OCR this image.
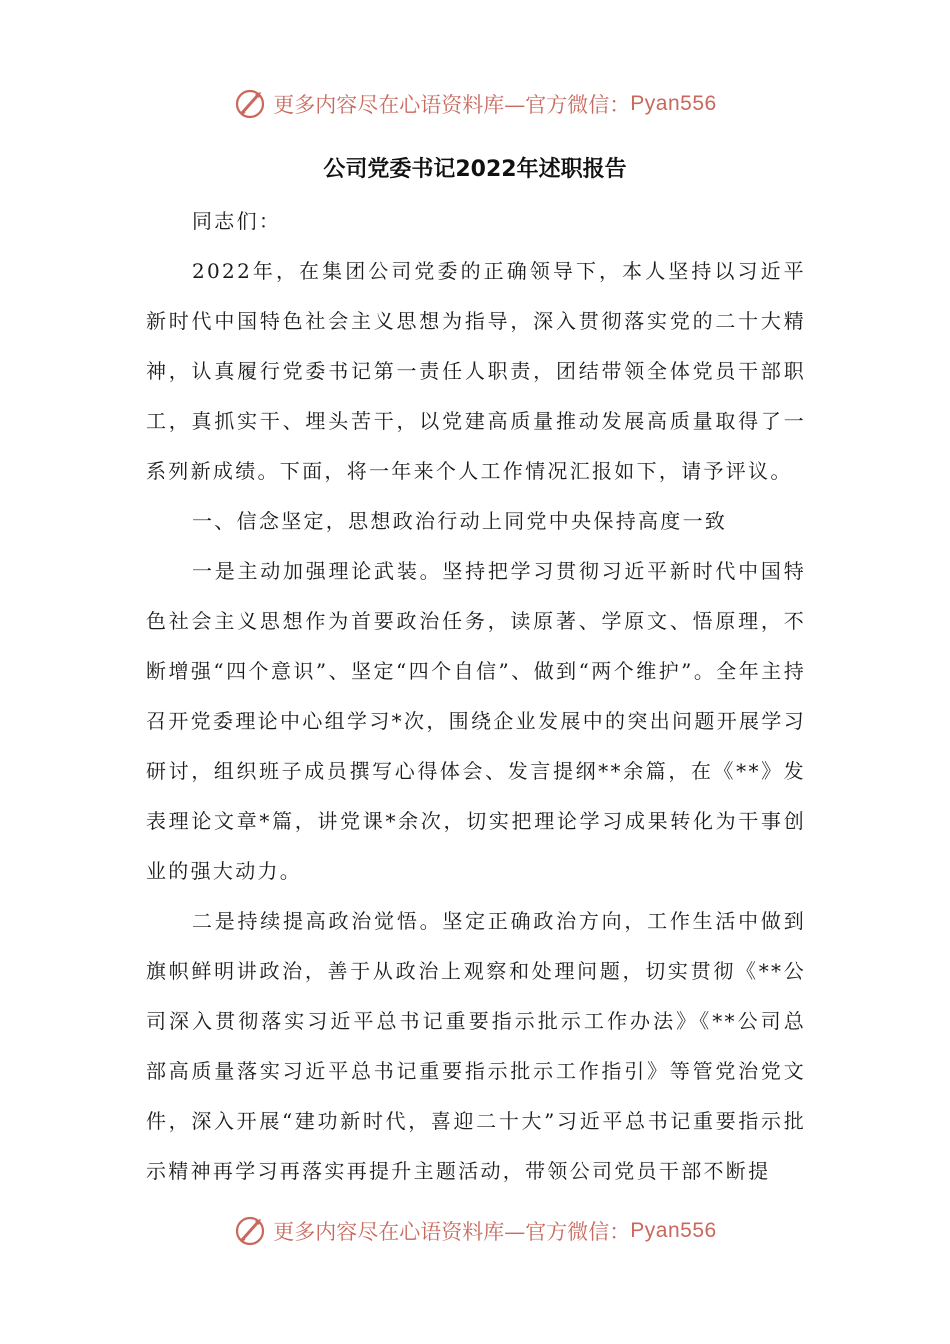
更多内容尽在心语资料库—官方微信： Pyan556
公司党委书记2022年述职报告

同志们：

2022年，在集团公司党委的正确领导下，本人坚持以习近平新时代中国特色社会主义思想为指导，深入贯彻落实党的二十大精神，认真履行党委书记第一责任人职责，团结带领全体党员干部职工，真抓实干、埋头苦干，以党建高质量推动发展高质量取得了一系列新成绩。下面，将一年来个人工作情况汇报如下，请予评议。

一、信念坚定，思想政治行动上同党中央保持高度一致

一是主动加强理论武装。坚持把学习贯彻习近平新时代中国特色社会主义思想作为首要政治任务，读原著、学原文、悟原理，不断增强“四个意识”、坚定“四个自信”、做到“两个维护”。全年主持召开党委理论中心组学习*次，围绕企业发展中的突出问题开展学习研讨，组织班子成员撰写心得体会、发言提纲**余篇，在《**》发表理论文章*篇，讲党课*余次，切实把理论学习成果转化为干事创业的强大动力。

二是持续提高政治觉悟。坚定正确政治方向，工作生活中做到旗帜鲜明讲政治，善于从政治上观察和处理问题，切实贯彻《**公司深入贯彻落实习近平总书记重要指示批示工作办法》《**公司总部高质量落实习近平总书记重要指示批示工作指引》等管党治党文件，深入开展“建功新时代，喜迎二十大”习近平总书记重要指示批示精神再学习再落实再提升主题活动，带领公司党员干部不断提

更多内容尽在心语资料库—官方微信： Pyan556
